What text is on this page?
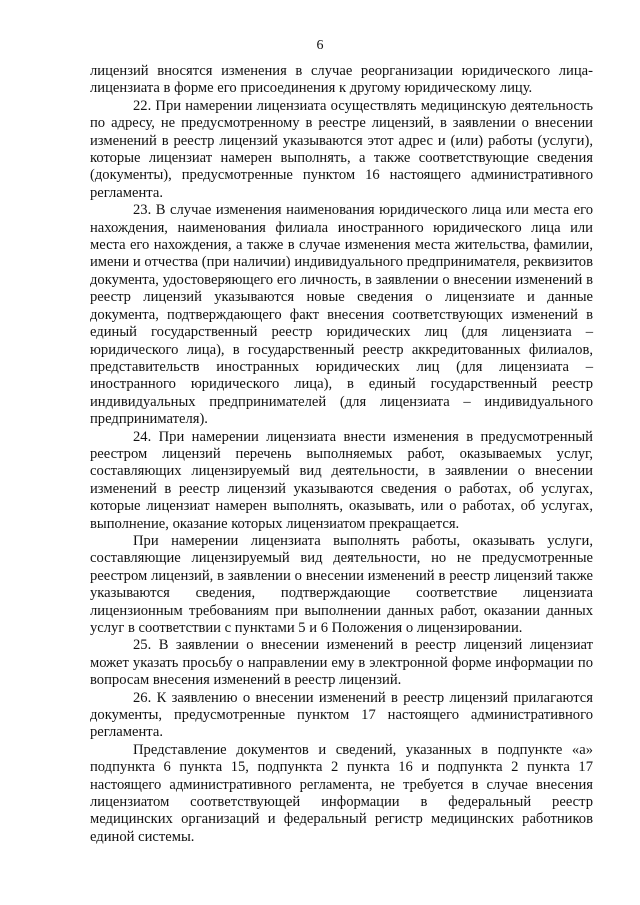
6

лицензий вносятся изменения в случае реорганизации юридического лица-лицензиата в форме его присоединения к другому юридическому лицу.

22. При намерении лицензиата осуществлять медицинскую деятельность по адресу, не предусмотренному в реестре лицензий, в заявлении о внесении изменений в реестр лицензий указываются этот адрес и (или) работы (услуги), которые лицензиат намерен выполнять, а также соответствующие сведения (документы), предусмотренные пунктом 16 настоящего административного регламента.

23. В случае изменения наименования юридического лица или места его нахождения, наименования филиала иностранного юридического лица или места его нахождения, а также в случае изменения места жительства, фамилии, имени и отчества (при наличии) индивидуального предпринимателя, реквизитов документа, удостоверяющего его личность, в заявлении о внесении изменений в реестр лицензий указываются новые сведения о лицензиате и данные документа, подтверждающего факт внесения соответствующих изменений в единый государственный реестр юридических лиц (для лицензиата – юридического лица), в государственный реестр аккредитованных филиалов, представительств иностранных юридических лиц (для лицензиата – иностранного юридического лица), в единый государственный реестр индивидуальных предпринимателей (для лицензиата – индивидуального предпринимателя).

24. При намерении лицензиата внести изменения в предусмотренный реестром лицензий перечень выполняемых работ, оказываемых услуг, составляющих лицензируемый вид деятельности, в заявлении о внесении изменений в реестр лицензий указываются сведения о работах, об услугах, которые лицензиат намерен выполнять, оказывать, или о работах, об услугах, выполнение, оказание которых лицензиатом прекращается.

При намерении лицензиата выполнять работы, оказывать услуги, составляющие лицензируемый вид деятельности, но не предусмотренные реестром лицензий, в заявлении о внесении изменений в реестр лицензий также указываются сведения, подтверждающие соответствие лицензиата лицензионным требованиям при выполнении данных работ, оказании данных услуг в соответствии с пунктами 5 и 6 Положения о лицензировании.

25. В заявлении о внесении изменений в реестр лицензий лицензиат может указать просьбу о направлении ему в электронной форме информации по вопросам внесения изменений в реестр лицензий.

26. К заявлению о внесении изменений в реестр лицензий прилагаются документы, предусмотренные пунктом 17 настоящего административного регламента.

Представление документов и сведений, указанных в подпункте «а» подпункта 6 пункта 15, подпункта 2 пункта 16 и подпункта 2 пункта 17 настоящего административного регламента, не требуется в случае внесения лицензиатом соответствующей информации в федеральный реестр медицинских организаций и федеральный регистр медицинских работников единой системы.
